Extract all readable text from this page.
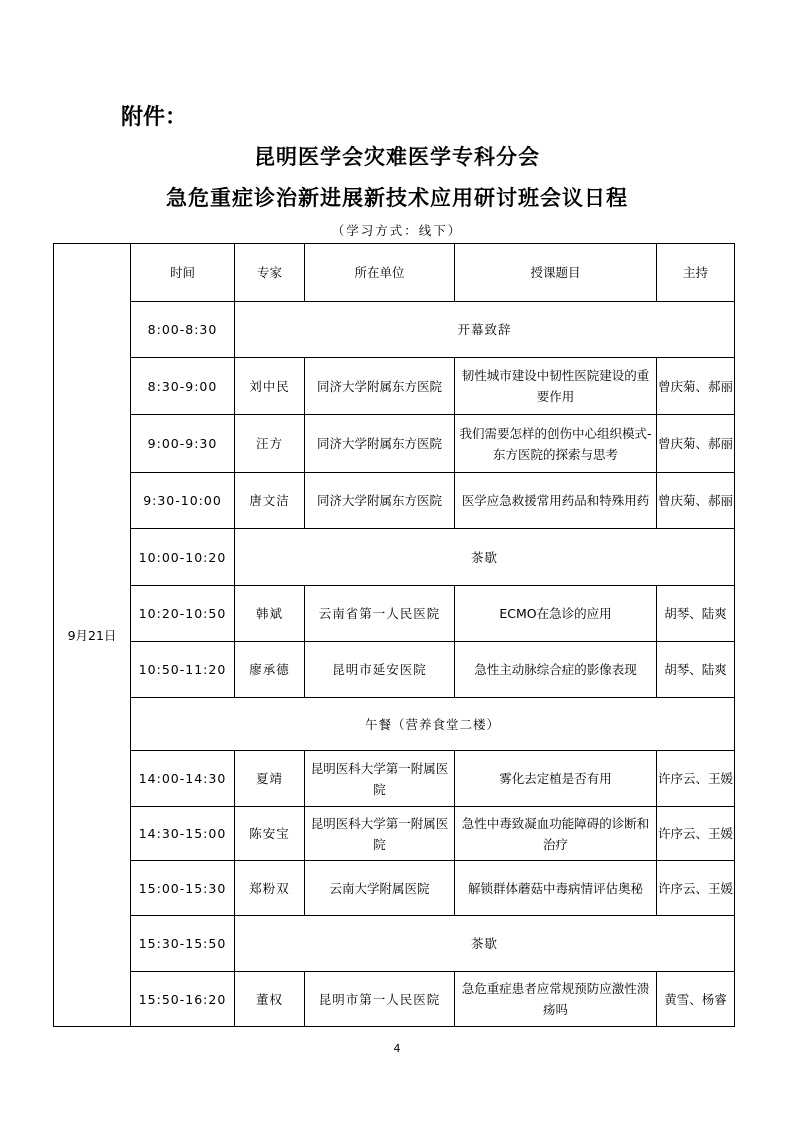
附件：
昆明医学会灾难医学专科分会
急危重症诊治新进展新技术应用研讨班会议日程
（学习方式：线下）
9月21日	时间	专家	所在单位	授课题目	主持	
	8:00-8:30	开幕致辞	
	8:30-9:00	刘中民	同济大学附属东方医院	韧性城市建设中韧性医院建设的重要作用	曾庆菊、郝丽	
	9:00-9:30	汪方	同济大学附属东方医院	我们需要怎样的创伤中心组织模式-东方医院的探索与思考	曾庆菊、郝丽	
	9:30-10:00	唐文洁	同济大学附属东方医院	医学应急救援常用药品和特殊用药	曾庆菊、郝丽	
	10:00-10:20	茶歇				
	10:20-10:50	韩斌	云南省第一人民医院	ECMO在急诊的应用	胡琴、陆爽	
	10:50-11:20	廖承德	昆明市延安医院	急性主动脉综合症的影像表现	胡琴、陆爽	
	午餐（营养食堂二楼）					
	14:00-14:30	夏靖	昆明医科大学第一附属医院	雾化去定植是否有用	许序云、王媛	
	14:30-15:00	陈安宝	昆明医科大学第一附属医院	急性中毒致凝血功能障碍的诊断和治疗	许序云、王媛	
	15:00-15:30	郑粉双	云南大学附属医院	解锁群体蘑菇中毒病情评估奥秘	许序云、王媛	
	15:30-15:50	茶歇				
	15:50-16:20	董权	昆明市第一人民医院	急危重症患者应常规预防应激性溃疡吗	黄雪、杨睿	
4
